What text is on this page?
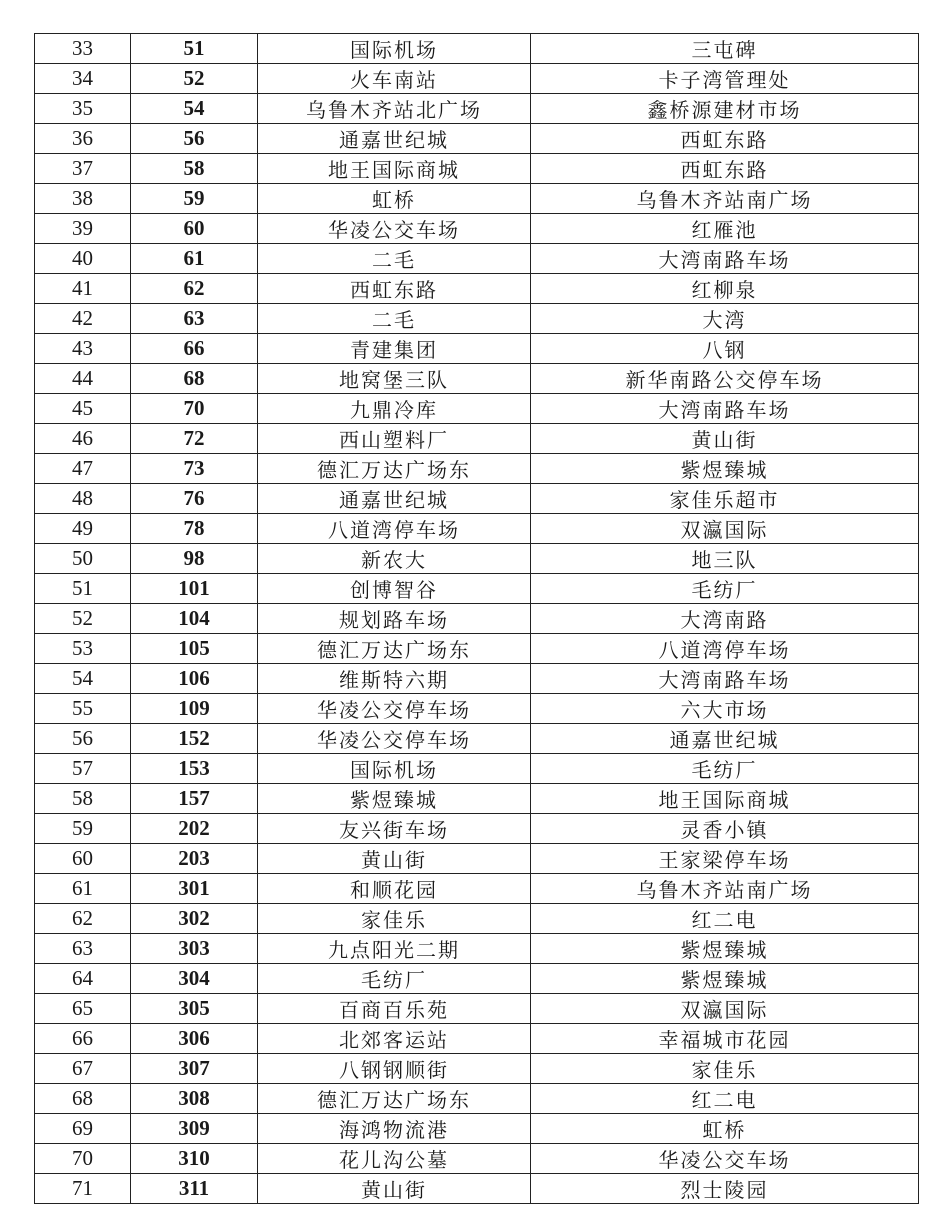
33	51	国际机场	三屯碑
34	52	火车南站	卡子湾管理处
35	54	乌鲁木齐站北广场	鑫桥源建材市场
36	56	通嘉世纪城	西虹东路
37	58	地王国际商城	西虹东路
38	59	虹桥	乌鲁木齐站南广场
39	60	华凌公交车场	红雁池
40	61	二毛	大湾南路车场
41	62	西虹东路	红柳泉
42	63	二毛	大湾
43	66	青建集团	八钢
44	68	地窝堡三队	新华南路公交停车场
45	70	九鼎冷库	大湾南路车场
46	72	西山塑料厂	黄山街
47	73	德汇万达广场东	紫煜臻城
48	76	通嘉世纪城	家佳乐超市
49	78	八道湾停车场	双瀛国际
50	98	新农大	地三队
51	101	创博智谷	毛纺厂
52	104	规划路车场	大湾南路
53	105	德汇万达广场东	八道湾停车场
54	106	维斯特六期	大湾南路车场
55	109	华凌公交停车场	六大市场
56	152	华凌公交停车场	通嘉世纪城
57	153	国际机场	毛纺厂
58	157	紫煜臻城	地王国际商城
59	202	友兴街车场	灵香小镇
60	203	黄山街	王家梁停车场
61	301	和顺花园	乌鲁木齐站南广场
62	302	家佳乐	红二电
63	303	九点阳光二期	紫煜臻城
64	304	毛纺厂	紫煜臻城
65	305	百商百乐苑	双瀛国际
66	306	北郊客运站	幸福城市花园
67	307	八钢钢顺街	家佳乐
68	308	德汇万达广场东	红二电
69	309	海鸿物流港	虹桥
70	310	花儿沟公墓	华凌公交车场
71	311	黄山街	烈士陵园
